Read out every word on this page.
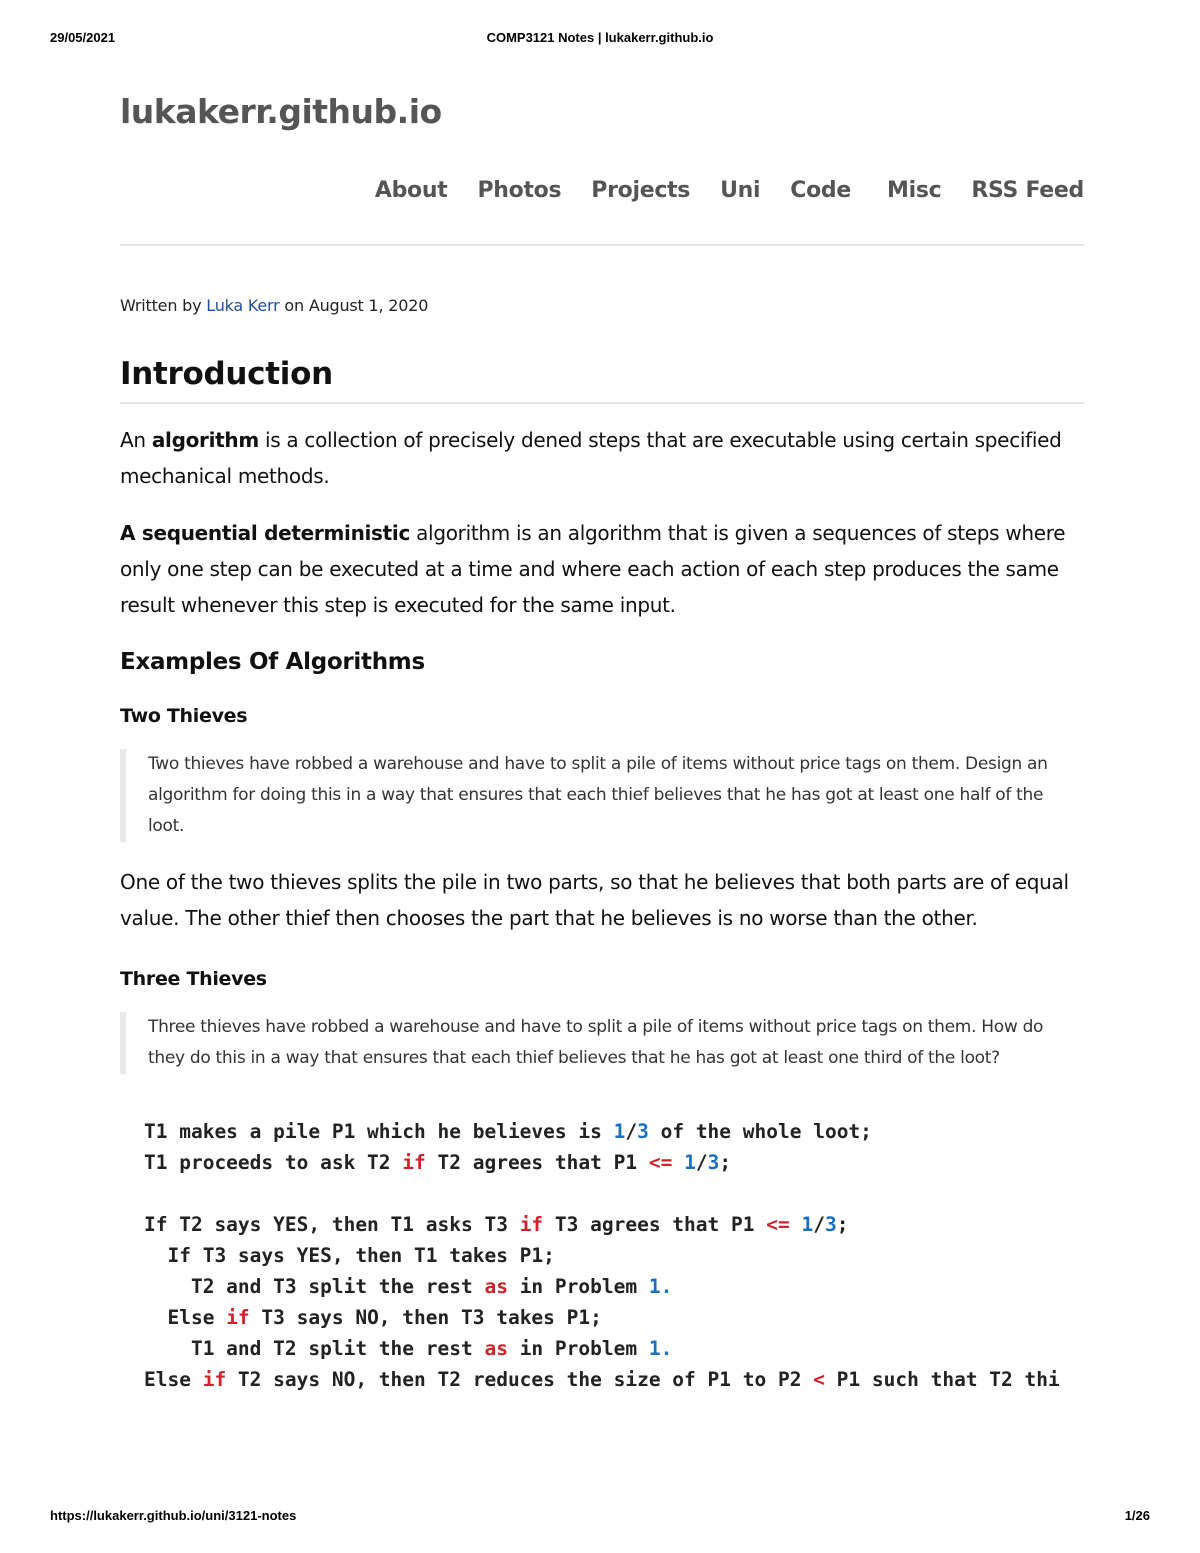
29/05/2021	COMP3121 Notes | lukakerr.github.io
lukakerr.github.io
About Photos Projects Uni Code Misc RSS Feed
Written by Luka Kerr on August 1, 2020
Introduction

An algorithm is a collection of precisely dened steps that are executable using certain specified mechanical methods.

A sequential deterministic algorithm is an algorithm that is given a sequences of steps where only one step can be executed at a time and where each action of each step produces the same result whenever this step is executed for the same input.

Examples Of Algorithms
Two Thieves
Two thieves have robbed a warehouse and have to split a pile of items without price tags on them. Design an algorithm for doing this in a way that ensures that each thief believes that he has got at least one half of the loot.

One of the two thieves splits the pile in two parts, so that he believes that both parts are of equal value. The other thief then chooses the part that he believes is no worse than the other.

Three Thieves
Three thieves have robbed a warehouse and have to split a pile of items without price tags on them. How do they do this in a way that ensures that each thief believes that he has got at least one third of the loot?
T1 makes a pile P1 which he believes is 1/3 of the whole loot;
T1 proceeds to ask T2 if T2 agrees that P1 <= 1/3;

If T2 says YES, then T1 asks T3 if T3 agrees that P1 <= 1/3;
If T3 says YES, then T1 takes P1;
T2 and T3 split the rest as in Problem 1.
Else if T3 says NO, then T3 takes P1;
T1 and T2 split the rest as in Problem 1.
Else if T2 says NO, then T2 reduces the size of P1 to P2 < P1 such that T2 thi
https://lukakerr.github.io/uni/3121-notes	1/26
